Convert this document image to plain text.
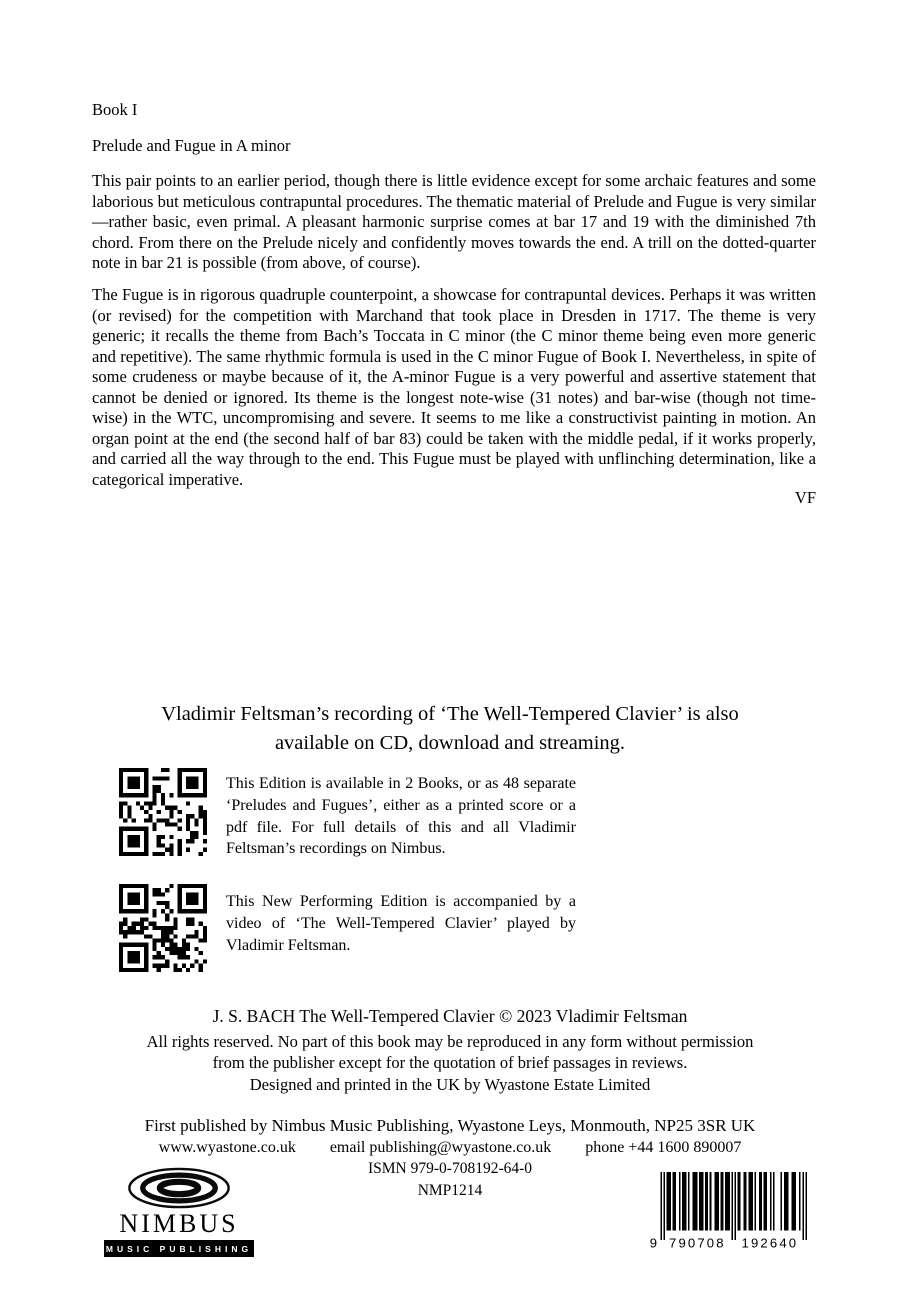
Book I
Prelude and Fugue in A minor
This pair points to an earlier period, though there is little evidence except for some archaic features and some laborious but meticulous contrapuntal procedures. The thematic material of Prelude and Fugue is very similar—rather basic, even primal. A pleasant harmonic surprise comes at bar 17 and 19 with the diminished 7th chord. From there on the Prelude nicely and confidently moves towards the end. A trill on the dotted-quarter note in bar 21 is possible (from above, of course).
The Fugue is in rigorous quadruple counterpoint, a showcase for contrapuntal devices. Perhaps it was written (or revised) for the competition with Marchand that took place in Dresden in 1717. The theme is very generic; it recalls the theme from Bach’s Toccata in C minor (the C minor theme being even more generic and repetitive). The same rhythmic formula is used in the C minor Fugue of Book I. Nevertheless, in spite of some crudeness or maybe because of it, the A-minor Fugue is a very powerful and assertive statement that cannot be denied or ignored. Its theme is the longest note-wise (31 notes) and bar-wise (though not time-wise) in the WTC, uncompromising and severe. It seems to me like a constructivist painting in motion. An organ point at the end (the second half of bar 83) could be taken with the middle pedal, if it works properly, and carried all the way through to the end. This Fugue must be played with unflinching determination, like a categorical imperative.
VF
Vladimir Feltsman’s recording of ‘The Well-Tempered Clavier’ is also
available on CD, download and streaming.
This Edition is available in 2 Books, or as 48 separate ‘Preludes and Fugues’, either as a printed score or a pdf file. For full details of this and all Vladimir Feltsman’s recordings on Nimbus.
This New Performing Edition is accompanied by a video of ‘The Well-Tempered Clavier’ played by Vladimir Feltsman.
J. S. BACH The Well-Tempered Clavier © 2023 Vladimir Feltsman
All rights reserved. No part of this book may be reproduced in any form without permission
from the publisher except for the quotation of brief passages in reviews.
Designed and printed in the UK by Wyastone Estate Limited
First published by Nimbus Music Publishing, Wyastone Leys, Monmouth, NP25 3SR UK
www.wyastone.co.uk email publishing@wyastone.co.uk phone +44 1600 890007
ISMN 979-0-708192-64-0
NMP1214
NIMBUS
MUSIC PUBLISHING	9 790708 192640
